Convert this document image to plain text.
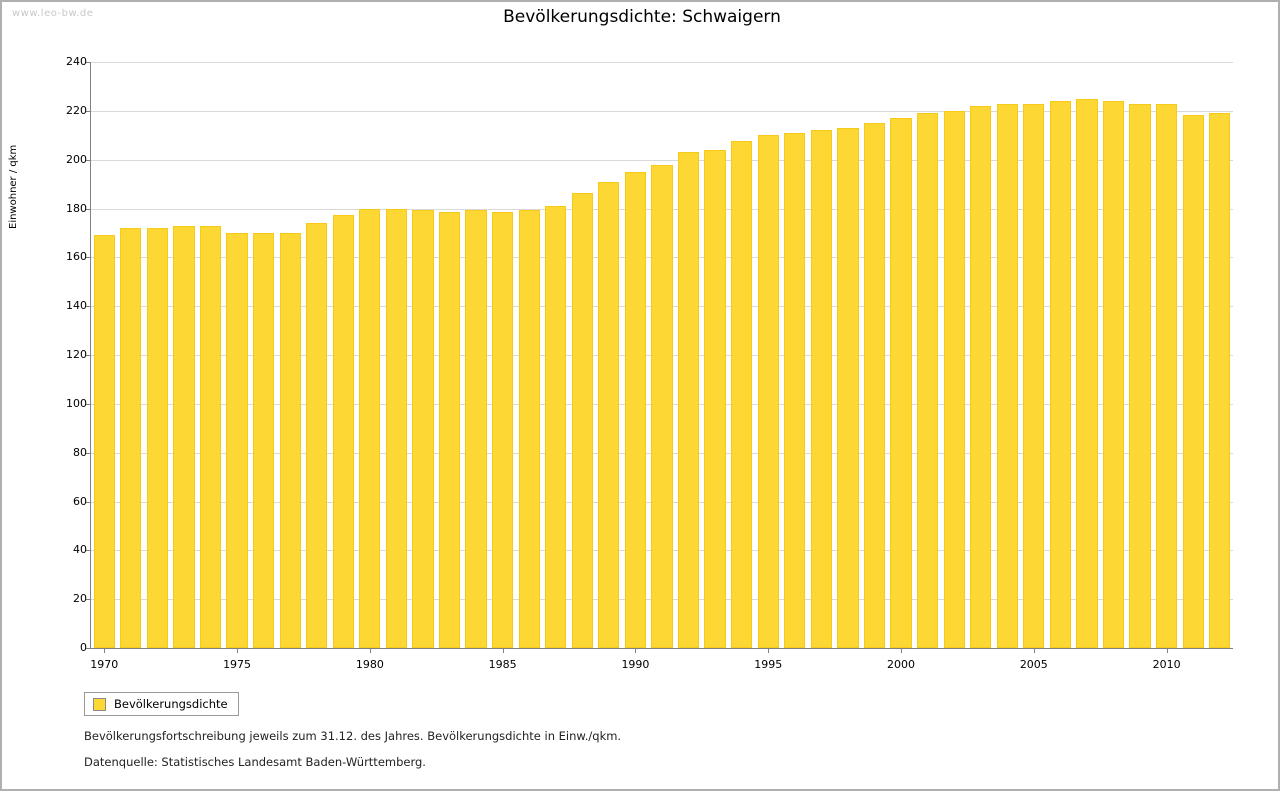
www.leo-bw.de	Bevölkerungsdichte: Schwaigern
Einwohner / qkm
0
20
40
60
80
100
120
140
160
180
200
220
240
1970	1975	1980	1985	1990	1995	2000	2005	2010
Bevölkerungsdichte
Bevölkerungsfortschreibung jeweils zum 31.12. des Jahres. Bevölkerungsdichte in Einw./qkm.
Datenquelle: Statistisches Landesamt Baden-Württemberg.
